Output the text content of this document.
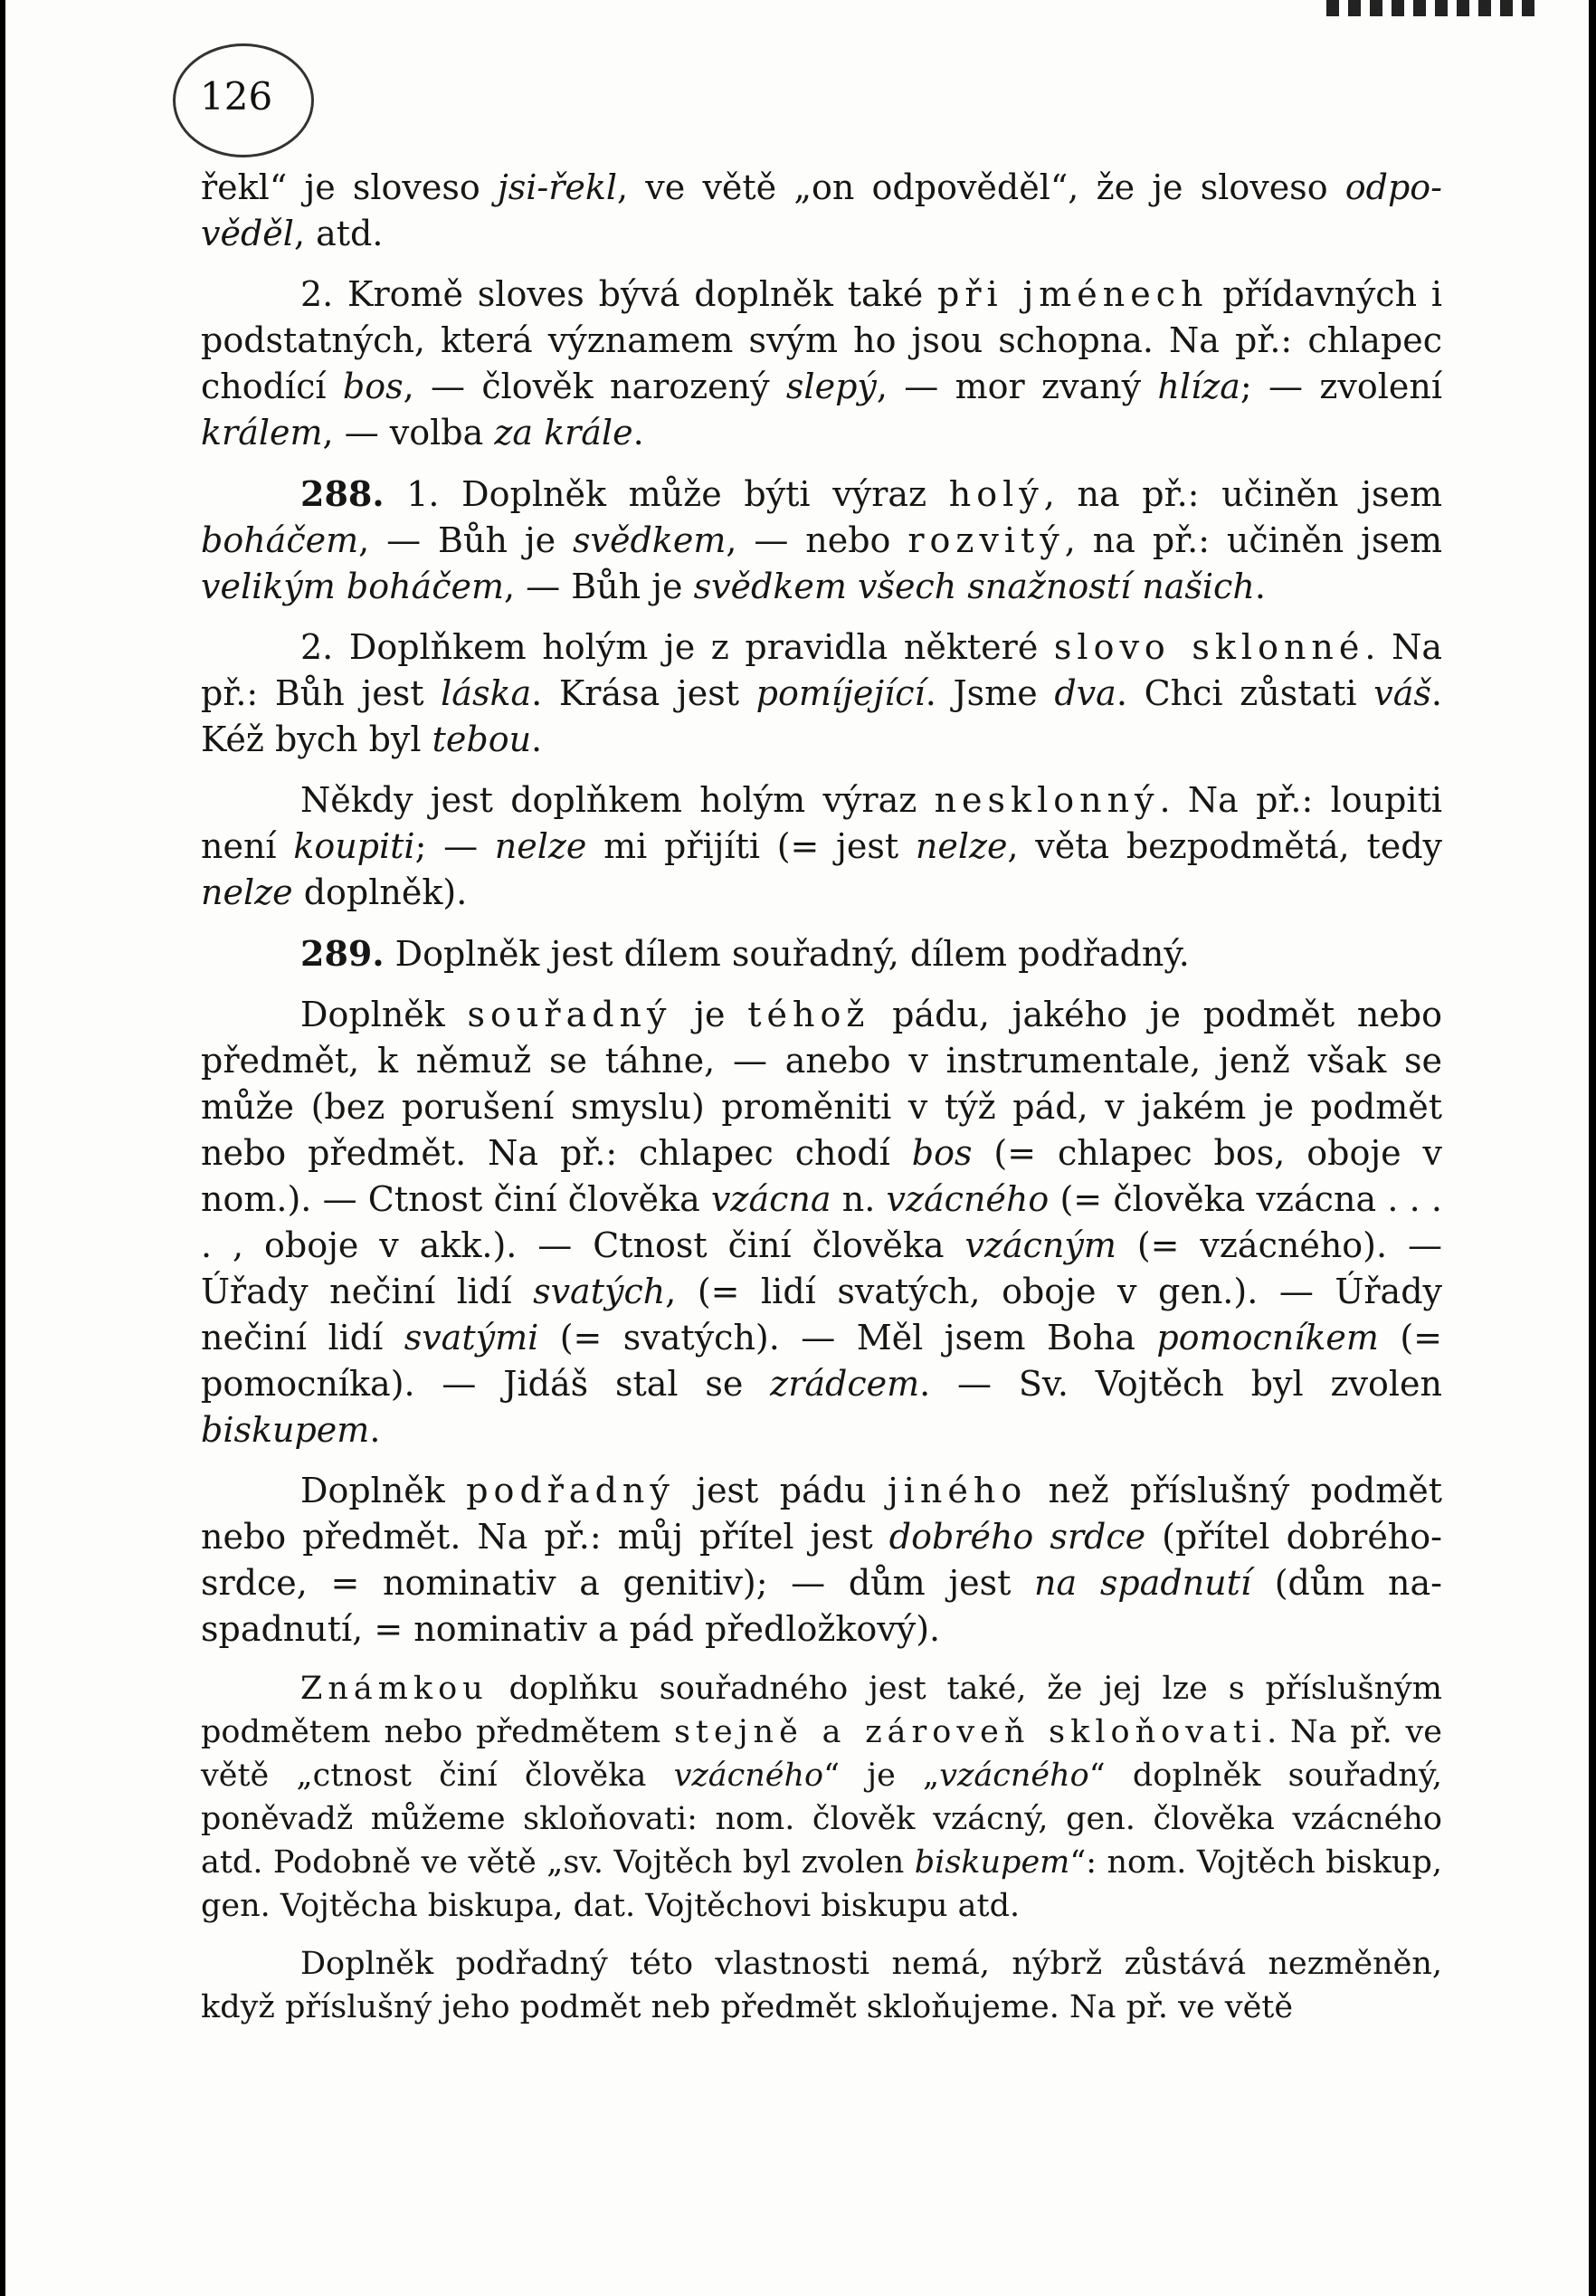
126

řekl“ je sloveso jsi-řekl, ve větě „on odpověděl“, že je sloveso odpo-věděl, atd.

2. Kromě sloves bývá doplněk také při jménech přídavných i podstatných, která významem svým ho jsou schopna. Na př.: chlapec chodící bos, — člověk narozený slepý, — mor zvaný hlíza; — zvolení králem, — volba za krále.

288. 1. Doplněk může býti výraz holý, na př.: učiněn jsem boháčem, — Bůh je svědkem, — nebo rozvitý, na př.: učiněn jsem velikým boháčem, — Bůh je svědkem všech snažností našich.

2. Doplňkem holým je z pravidla některé slovo sklonné. Na př.: Bůh jest láska. Krása jest pomíjející. Jsme dva. Chci zůstati váš. Kéž bych byl tebou.

Někdy jest doplňkem holým výraz nesklonný. Na př.: loupiti není koupiti; — nelze mi přijíti (= jest nelze, věta bezpodmětá, tedy nelze doplněk).

289. Doplněk jest dílem souřadný, dílem podřadný.

Doplněk souřadný je téhož pádu, jakého je podmět nebo předmět, k němuž se táhne, — anebo v instrumentale, jenž však se může (bez porušení smyslu) proměniti v týž pád, v jakém je podmět nebo předmět. Na př.: chlapec chodí bos (= chlapec bos, oboje v nom.). — Ctnost činí člověka vzácna n. vzácného (= člověka vzácna . . . . , oboje v akk.). — Ctnost činí člověka vzácným (= vzácného). — Úřady nečiní lidí svatých, (= lidí svatých, oboje v gen.). — Úřady nečiní lidí svatými (= svatých). — Měl jsem Boha pomocníkem (= pomocníka). — Jidáš stal se zrádcem. — Sv. Vojtěch byl zvolen biskupem.

Doplněk podřadný jest pádu jiného než příslušný podmět nebo předmět. Na př.: můj přítel jest dobrého srdce (přítel dobrého-srdce, = nominativ a genitiv); — dům jest na spadnutí (dům na-spadnutí, = nominativ a pád předložkový).

Známkou doplňku souřadného jest také, že jej lze s příslušným podmětem nebo předmětem stejně a zároveň skloňovati. Na př. ve větě „ctnost činí člověka vzácného“ je „vzácného“ doplněk souřadný, poněvadž můžeme skloňovati: nom. člověk vzácný, gen. člověka vzácného atd. Podobně ve větě „sv. Vojtěch byl zvolen biskupem“: nom. Vojtěch biskup, gen. Vojtěcha biskupa, dat. Vojtěchovi biskupu atd.

Doplněk podřadný této vlastnosti nemá, nýbrž zůstává nezměněn, když příslušný jeho podmět neb předmět skloňujeme. Na př. ve větě
